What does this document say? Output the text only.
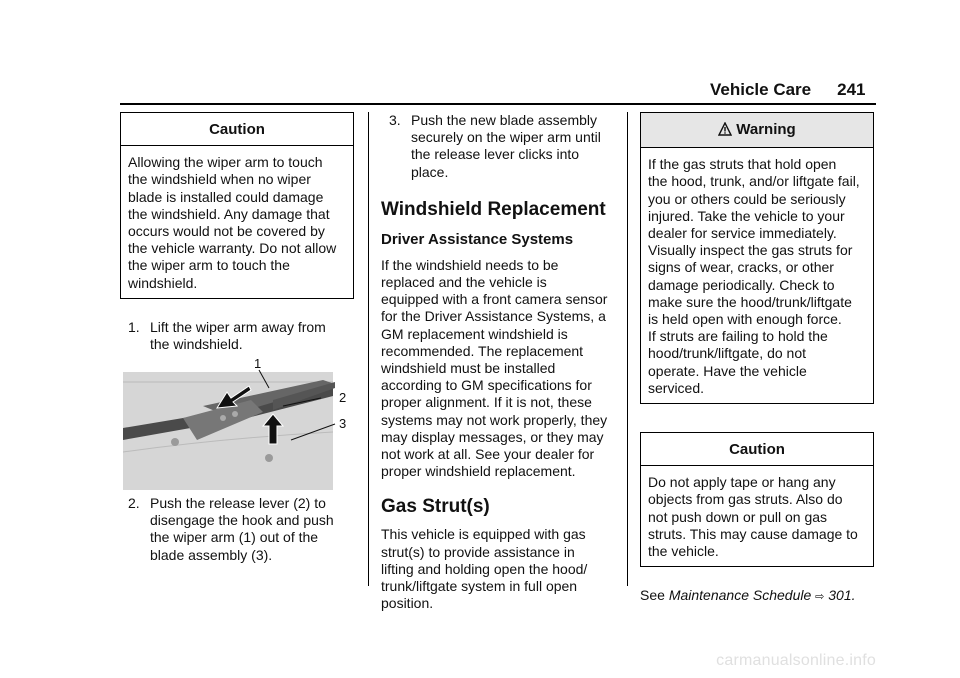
Vehicle Care 241
Caution

Allowing the wiper arm to touch

the windshield when no wiper

blade is installed could damage

the windshield. Any damage that

occurs would not be covered by

the vehicle warranty. Do not allow

the wiper arm to touch the

windshield.

1. Lift the wiper arm away from

the windshield.

1
2
3
2. Push the release lever (2) to

disengage the hook and push

the wiper arm (1) out of the

blade assembly (3).

3. Push the new blade assembly

securely on the wiper arm until

the release lever clicks into

place.

Windshield Replacement
Driver Assistance Systems

If the windshield needs to be

replaced and the vehicle is

equipped with a front camera sensor

for the Driver Assistance Systems, a

GM replacement windshield is

recommended. The replacement

windshield must be installed

according to GM specifications for

proper alignment. If it is not, these

systems may not work properly, they

may display messages, or they may

not work at all. See your dealer for

proper windshield replacement.

Gas Strut(s)

This vehicle is equipped with gas

strut(s) to provide assistance in

lifting and holding open the hood/

trunk/liftgate system in full open

position.

Warning

If the gas struts that hold open

the hood, trunk, and/or liftgate fail,

you or others could be seriously

injured. Take the vehicle to your

dealer for service immediately.

Visually inspect the gas struts for

signs of wear, cracks, or other

damage periodically. Check to

make sure the hood/trunk/liftgate

is held open with enough force.

If struts are failing to hold the

hood/trunk/liftgate, do not

operate. Have the vehicle

serviced.

Caution

Do not apply tape or hang any

objects from gas struts. Also do

not push down or pull on gas

struts. This may cause damage to

the vehicle.

See Maintenance Schedule ⇨ 301.

carmanualsonline.info
